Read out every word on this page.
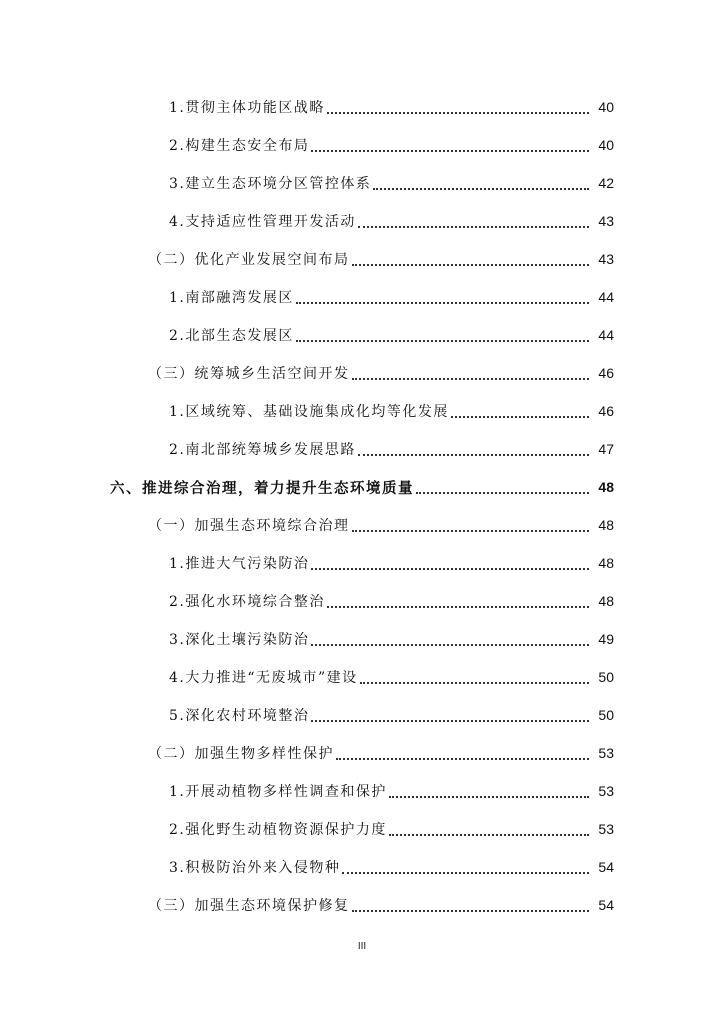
1.贯彻主体功能区战略	40
2.构建生态安全布局	40
3.建立生态环境分区管控体系	42
4.支持适应性管理开发活动	43
（二）优化产业发展空间布局	43
1.南部融湾发展区	44
2.北部生态发展区	44
（三）统筹城乡生活空间开发	46
1.区域统筹、基础设施集成化均等化发展	46
2.南北部统筹城乡发展思路	47
六、推进综合治理，着力提升生态环境质量	48
（一）加强生态环境综合治理	48
1.推进大气污染防治	48
2.强化水环境综合整治	48
3.深化土壤污染防治	49
4.大力推进“无废城市”建设	50
5.深化农村环境整治	50
（二）加强生物多样性保护	53
1.开展动植物多样性调查和保护	53
2.强化野生动植物资源保护力度	53
3.积极防治外来入侵物种	54
（三）加强生态环境保护修复	54
III
